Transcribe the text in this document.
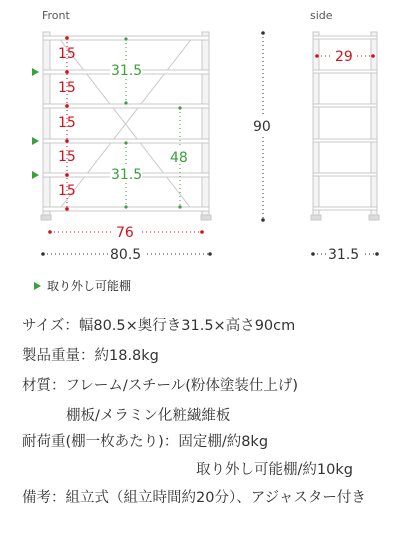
Front	side
15
15
15
15
15
31.5
31.5
48
76
80.5
90
29
31.5
取り外し可能棚
サイズ：幅80.5×奥行き31.5×高さ90cm
製品重量：約18.8kg
材質：フレーム/スチール(粉体塗装仕上げ)
棚板/メラミン化粧繊維板
耐荷重(棚一枚あたり)：固定棚/約8kg
取り外し可能棚/約10kg
備考：組立式（組立時間約20分）、アジャスター付き
